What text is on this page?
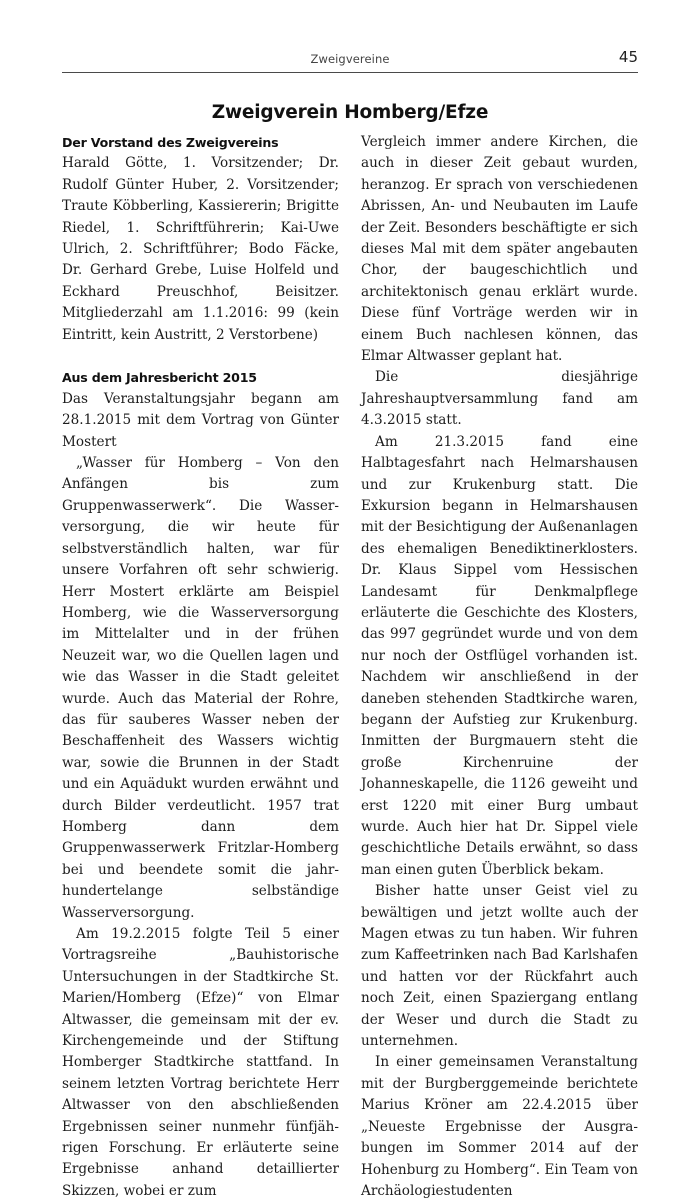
Zweigvereine	45
Zweigverein Homberg/Efze
Der Vorstand des Zweigvereins

Harald Götte, 1. Vorsitzender; Dr. Rudolf Günter Huber, 2. Vorsitzender; Traute Köbberling, Kassiererin; Brigitte Riedel, 1. Schriftführerin; Kai-Uwe Ulrich, 2. Schriftführer; Bodo Fäcke, Dr. Gerhard Grebe, Luise Holfeld und Eckhard Preuschhof, Beisitzer. Mitgliederzahl am 1.1.2016: 99 (kein Eintritt, kein Austritt, 2 Verstorbene)

Aus dem Jahresbericht 2015

Das Veranstaltungsjahr begann am 28.1.2015 mit dem Vortrag von Günter Mostert

„Wasser für Homberg – Von den Anfängen bis zum Gruppenwasserwerk“. Die Wasserversorgung, die wir heute für selbstverständlich halten, war für unsere Vorfahren oft sehr schwierig. Herr Mostert erklärte am Beispiel Homberg, wie die Wasserversorgung im Mittelalter und in der frühen Neuzeit war, wo die Quellen lagen und wie das Wasser in die Stadt geleitet wurde. Auch das Material der Rohre, das für sauberes Wasser neben der Beschaffenheit des Wassers wichtig war, sowie die Brunnen in der Stadt und ein Aquädukt wurden erwähnt und durch Bilder verdeutlicht. 1957 trat Homberg dann dem Gruppenwasserwerk Fritzlar-Homberg bei und beendete somit die jahrhundertelange selbständige Wasserversorgung.

Am 19.2.2015 folgte Teil 5 einer Vortragsreihe „Bauhistorische Untersuchungen in der Stadtkirche St. Marien/Homberg (Efze)“ von Elmar Altwasser, die gemeinsam mit der ev. Kirchengemeinde und der Stiftung Homberger Stadtkirche stattfand. In seinem letzten Vortrag berichtete Herr Altwasser von den abschließenden Ergebnissen seiner nunmehr fünfjährigen Forschung. Er erläuterte seine Ergebnisse anhand detaillierter Skizzen, wobei er zum

Vergleich immer andere Kirchen, die auch in dieser Zeit gebaut wurden, heranzog. Er sprach von verschiedenen Abrissen, An- und Neubauten im Laufe der Zeit. Besonders beschäftigte er sich dieses Mal mit dem später angebauten Chor, der baugeschichtlich und architektonisch genau erklärt wurde. Diese fünf Vorträge werden wir in einem Buch nachlesen können, das Elmar Altwasser geplant hat.

Die diesjährige Jahreshauptversammlung fand am 4.3.2015 statt.

Am 21.3.2015 fand eine Halbtagesfahrt nach Helmarshausen und zur Krukenburg statt. Die Exkursion begann in Helmarshausen mit der Besichtigung der Außenanlagen des ehemaligen Benediktinerklosters. Dr. Klaus Sippel vom Hessischen Landesamt für Denkmalpflege erläuterte die Geschichte des Klosters, das 997 gegründet wurde und von dem nur noch der Ostflügel vorhanden ist. Nachdem wir anschließend in der daneben stehenden Stadtkirche waren, begann der Aufstieg zur Krukenburg. Inmitten der Burgmauern steht die große Kirchenruine der Johanneskapelle, die 1126 geweiht und erst 1220 mit einer Burg umbaut wurde. Auch hier hat Dr. Sippel viele geschichtliche Details erwähnt, so dass man einen guten Überblick bekam.

Bisher hatte unser Geist viel zu bewältigen und jetzt wollte auch der Magen etwas zu tun haben. Wir fuhren zum Kaffeetrinken nach Bad Karlshafen und hatten vor der Rückfahrt auch noch Zeit, einen Spaziergang entlang der Weser und durch die Stadt zu unternehmen.

In einer gemeinsamen Veranstaltung mit der Burgberggemeinde berichtete Marius Kröner am 22.4.2015 über „Neueste Ergebnisse der Ausgrabungen im Sommer 2014 auf der Hohenburg zu Homberg“. Ein Team von Archäologiestudenten
